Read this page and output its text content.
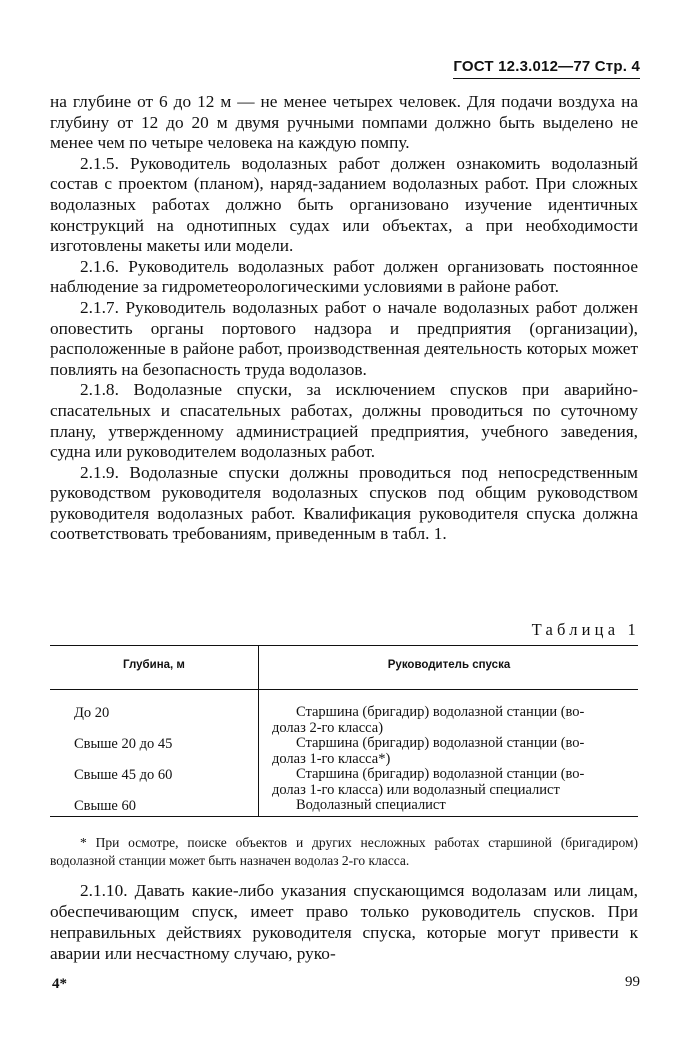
ГОСТ 12.3.012—77 Стр. 4

на глубине от 6 до 12 м — не менее четырех человек. Для подачи воздуха на глубину от 12 до 20 м двумя ручными помпами должно быть выделено не менее чем по четыре человека на каждую помпу.

2.1.5. Руководитель водолазных работ должен ознакомить водолазный состав с проектом (планом), наряд-заданием водолазных работ. При сложных водолазных работах должно быть организовано изучение идентичных конструкций на однотипных судах или объектах, а при необходимости изготовлены макеты или модели.

2.1.6. Руководитель водолазных работ должен организовать постоянное наблюдение за гидрометеорологическими условиями в районе работ.

2.1.7. Руководитель водолазных работ о начале водолазных работ должен оповестить органы портового надзора и предприятия (организации), расположенные в районе работ, производственная деятельность которых может повлиять на безопасность труда водолазов.

2.1.8. Водолазные спуски, за исключением спусков при аварийно-спасательных и спасательных работах, должны проводиться по суточному плану, утвержденному администрацией предприятия, учебного заведения, судна или руководителем водолазных работ.

2.1.9. Водолазные спуски должны проводиться под непосредственным руководством руководителя водолазных спусков под общим руководством руководителя водолазных работ. Квалификация руководителя спуска должна соответствовать требованиям, приведенным в табл. 1.

Таблица 1
Глубина, м	Руководитель спуска
До 20	Старшина (бригадир) водолазной станции (во-
долаз 2-го класса)
Свыше 20 до 45	Старшина (бригадир) водолазной станции (во-
долаз 1-го класса*)
Свыше 45 до 60	Старшина (бригадир) водолазной станции (во-
долаз 1-го класса) или водолазный специалист
Свыше 60	Водолазный специалист
* При осмотре, поиске объектов и других несложных работах старшиной (бригадиром) водолазной станции может быть назначен водолаз 2-го класса.

2.1.10. Давать какие-либо указания спускающимся водолазам или лицам, обеспечивающим спуск, имеет право только руководитель спусков. При неправильных действиях руководителя спуска, которые могут привести к аварии или несчастному случаю, руко-

4*	99
